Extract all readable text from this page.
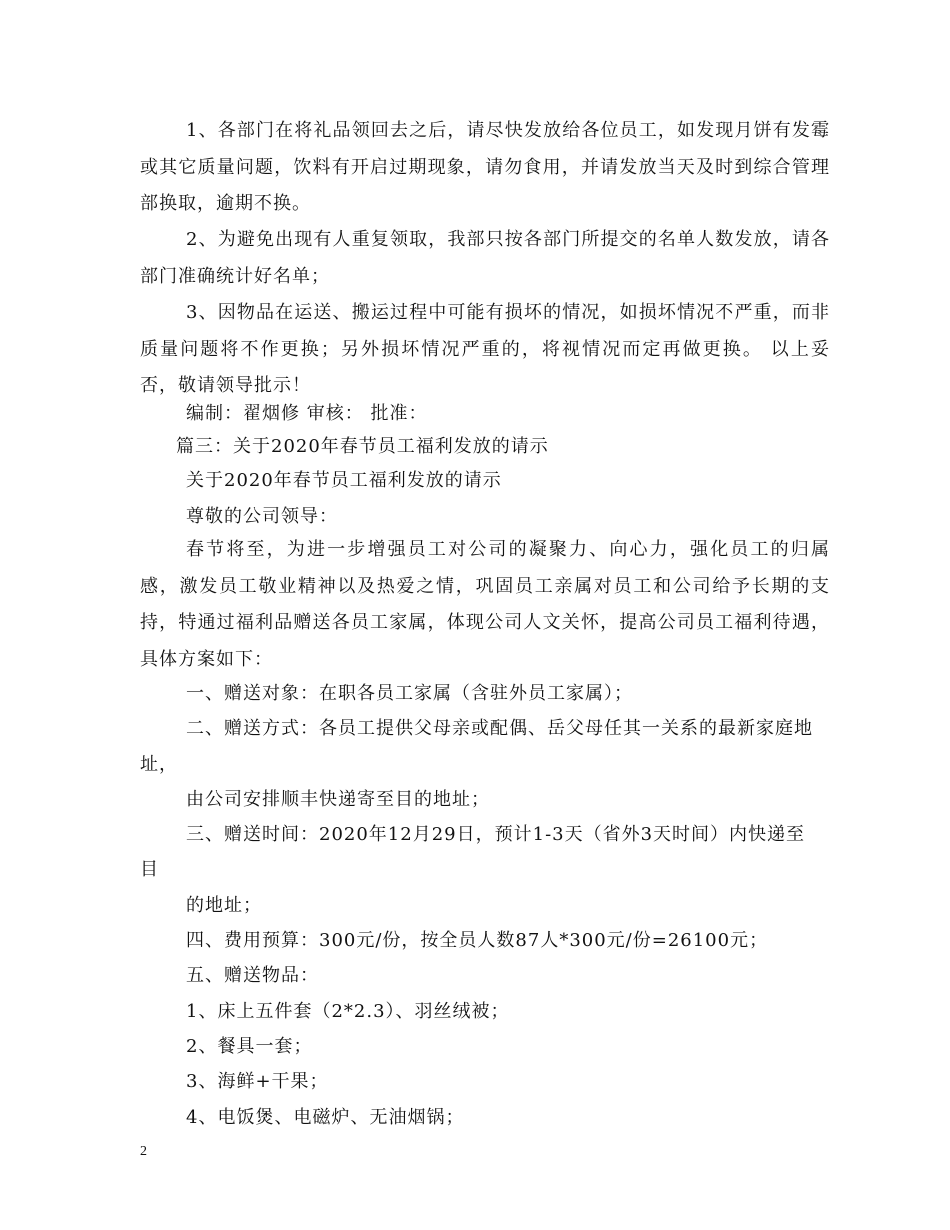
1、各部门在将礼品领回去之后，请尽快发放给各位员工，如发现月饼有发霉或其它质量问题，饮料有开启过期现象，请勿食用，并请发放当天及时到综合管理部换取，逾期不换。

2、为避免出现有人重复领取，我部只按各部门所提交的名单人数发放，请各部门准确统计好名单；

3、因物品在运送、搬运过程中可能有损坏的情况，如损坏情况不严重，而非质量问题将不作更换；另外损坏情况严重的，将视情况而定再做更换。 以上妥否，敬请领导批示！

编制：翟烟修 审核： 批准：

篇三：关于2020年春节员工福利发放的请示

关于2020年春节员工福利发放的请示

尊敬的公司领导：

春节将至，为进一步增强员工对公司的凝聚力、向心力，强化员工的归属感，激发员工敬业精神以及热爱之情，巩固员工亲属对员工和公司给予长期的支持，特通过福利品赠送各员工家属，体现公司人文关怀，提高公司员工福利待遇，具体方案如下：

一、赠送对象：在职各员工家属（含驻外员工家属）；

二、赠送方式：各员工提供父母亲或配偶、岳父母任其一关系的最新家庭地

址，

由公司安排顺丰快递寄至目的地址；

三、赠送时间：2020年12月29日，预计1-3天（省外3天时间）内快递至

目

的地址；

四、费用预算：300元/份，按全员人数87人*300元/份=26100元；

五、赠送物品：

1、床上五件套（2*2.3）、羽丝绒被；

2、餐具一套；

3、海鲜+干果；

4、电饭煲、电磁炉、无油烟锅；

2
